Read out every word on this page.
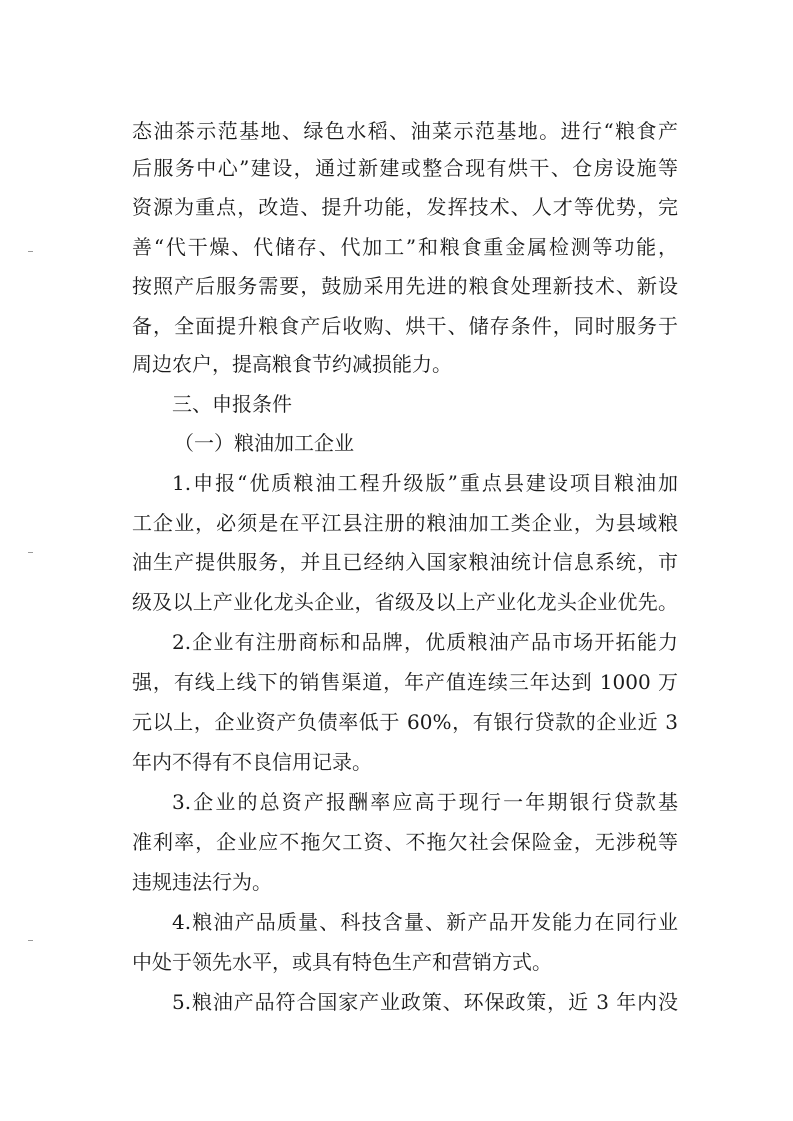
态油茶示范基地、绿色水稻、油菜示范基地。进行“粮食产
后服务中心”建设，通过新建或整合现有烘干、仓房设施等
资源为重点，改造、提升功能，发挥技术、人才等优势，完
善“代干燥、代储存、代加工”和粮食重金属检测等功能，
按照产后服务需要，鼓励采用先进的粮食处理新技术、新设
备，全面提升粮食产后收购、烘干、储存条件，同时服务于
周边农户，提高粮食节约减损能力。
三、申报条件
（一）粮油加工企业
1.申报“优质粮油工程升级版”重点县建设项目粮油加
工企业，必须是在平江县注册的粮油加工类企业，为县域粮
油生产提供服务，并且已经纳入国家粮油统计信息系统，市
级及以上产业化龙头企业，省级及以上产业化龙头企业优先。
2.企业有注册商标和品牌，优质粮油产品市场开拓能力
强，有线上线下的销售渠道，年产值连续三年达到 1000 万
元以上，企业资产负债率低于 60%，有银行贷款的企业近 3
年内不得有不良信用记录。
3.企业的总资产报酬率应高于现行一年期银行贷款基
准利率，企业应不拖欠工资、不拖欠社会保险金，无涉税等
违规违法行为。
4.粮油产品质量、科技含量、新产品开发能力在同行业
中处于领先水平，或具有特色生产和营销方式。
5.粮油产品符合国家产业政策、环保政策，近 3 年内没
